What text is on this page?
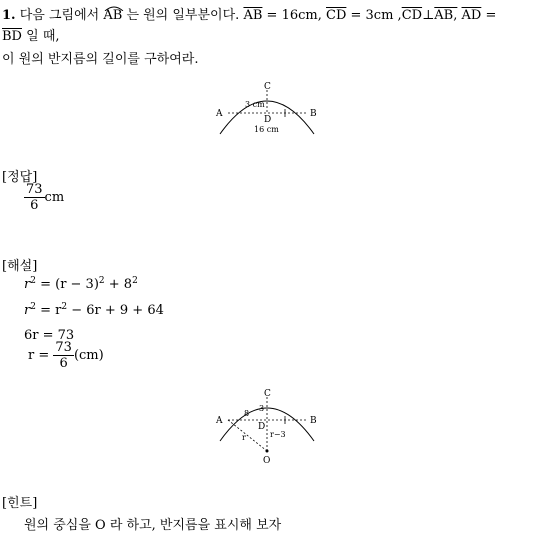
1. 다음 그림에서 AB 는 원의 일부분이다. $\overline{AB} = 16cm$, $\overline{CD} = 3cm$ $,\overline{CD}\perp AB$, $\overline{AD}$ =
$\overline{BD}$ 일 때,
이 원의 반지름의 길이를 구하여라.
A	B
C
D
3 cm
16 cm
[정답]
$\frac{73}{6}$ cm
[해설]
$r^2 = (r - 3)^2 + 8^2$
$r^2 = r^2 - 6r + 9 + 64$
6r = 73
$r = \frac{73}{6} (cm)$
A	B
C
D
O
8
3
r	r−3
[힌트]
원의 중심을 O 라 하고, 반지름을 표시해 보자
